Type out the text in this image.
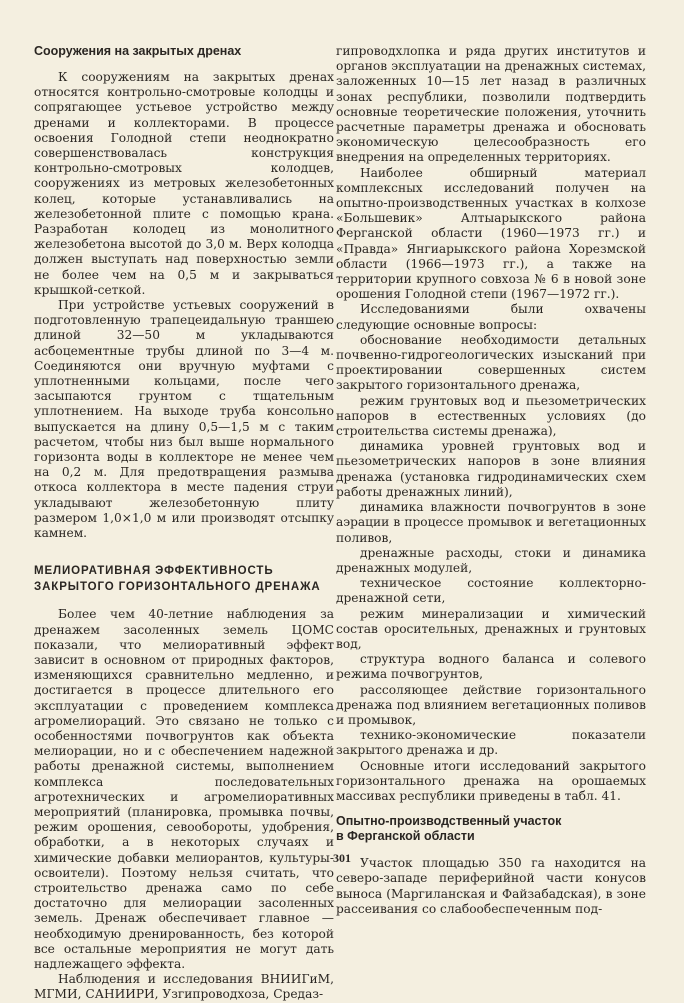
Сооружения на закрытых дренах

К сооружениям на закрытых дренах относятся контрольно-смотровые колодцы и сопрягающее устьевое устройство между дренами и коллекторами. В процессе освоения Голодной степи неоднократно совершенствовалась конструкция контрольно-смотровых колодцев, сооружениях из метровых железобетонных колец, которые устанавливались на железобетонной плите с помощью крана. Разработан колодец из монолитного железобетона высотой до 3,0 м. Верх колодца должен выступать над поверхностью земли не более чем на 0,5 м и закрываться крышкой-сеткой.

При устройстве устьевых сооружений в подготовленную трапецеидальную траншею длиной 32—50 м укладываются асбоцементные трубы длиной по 3—4 м. Соединяются они вручную муфтами с уплотненными кольцами, после чего засыпаются грунтом с тщательным уплотнением. На выходе труба консольно выпускается на длину 0,5—1,5 м с таким расчетом, чтобы низ был выше нормального горизонта воды в коллекторе не менее чем на 0,2 м. Для предотвращения размыва откоса коллектора в месте падения струи укладывают железобетонную плиту размером 1,0×1,0 м или производят отсыпку камнем.

МЕЛИОРАТИВНАЯ ЭФФЕКТИВНОСТЬ
ЗАКРЫТОГО ГОРИЗОНТАЛЬНОГО ДРЕНАЖА

Более чем 40-летние наблюдения за дренажем засоленных земель ЦОМС показали, что мелиоративный эффект зависит в основном от природных факторов, изменяющихся сравнительно медленно, и достигается в процессе длительного его эксплуатации с проведением комплекса агромелиораций. Это связано не только с особенностями почвогрунтов как объекта мелиорации, но и с обеспечением надежной работы дренажной системы, выполнением комплекса последовательных агротехнических и агромелиоративных мероприятий (планировка, промывка почвы, режим орошения, севообороты, удобрения, обработки, а в некоторых случаях и химические добавки мелиорантов, культуры-освоители). Поэтому нельзя считать, что строительство дренажа само по себе достаточно для мелиорации засоленных земель. Дренаж обеспечивает главное — необходимую дренированность, без которой все остальные мероприятия не могут дать надлежащего эффекта.

Наблюдения и исследования ВНИИГиМ, МГМИ, САНИИРИ, Узгипроводхоза, Средаз-

гипроводхлопка и ряда других институтов и органов эксплуатации на дренажных системах, заложенных 10—15 лет назад в различных зонах республики, позволили подтвердить основные теоретические положения, уточнить расчетные параметры дренажа и обосновать экономическую целесообразность его внедрения на определенных территориях.

Наиболее обширный материал комплексных исследований получен на опытно-производственных участках в колхозе «Большевик» Алтыарыкского района Ферганской области (1960—1973 гг.) и «Правда» Янгиарыкского района Хорезмской области (1966—1973 гг.), а также на территории крупного совхоза № 6 в новой зоне орошения Голодной степи (1967—1972 гг.).

Исследованиями были охвачены следующие основные вопросы:

обоснование необходимости детальных почвенно-гидрогеологических изысканий при проектировании совершенных систем закрытого горизонтального дренажа,

режим грунтовых вод и пьезометрических напоров в естественных условиях (до строительства системы дренажа),

динамика уровней грунтовых вод и пьезометрических напоров в зоне влияния дренажа (установка гидродинамических схем работы дренажных линий),

динамика влажности почвогрунтов в зоне аэрации в процессе промывок и вегетационных поливов,

дренажные расходы, стоки и динамика дренажных модулей,

техническое состояние коллекторно-дренажной сети,

режим минерализации и химический состав оросительных, дренажных и грунтовых вод,

структура водного баланса и солевого режима почвогрунтов,

рассоляющее действие горизонтального дренажа под влиянием вегетационных поливов и промывок,

технико-экономические показатели закрытого дренажа и др.

Основные итоги исследований закрытого горизонтального дренажа на орошаемых массивах республики приведены в табл. 41.

Опытно-производственный участок
в Ферганской области

Участок площадью 350 га находится на северо-западе периферийной части конусов выноса (Маргиланская и Файзабадская), в зоне рассеивания со слабообеспеченным под-

301
